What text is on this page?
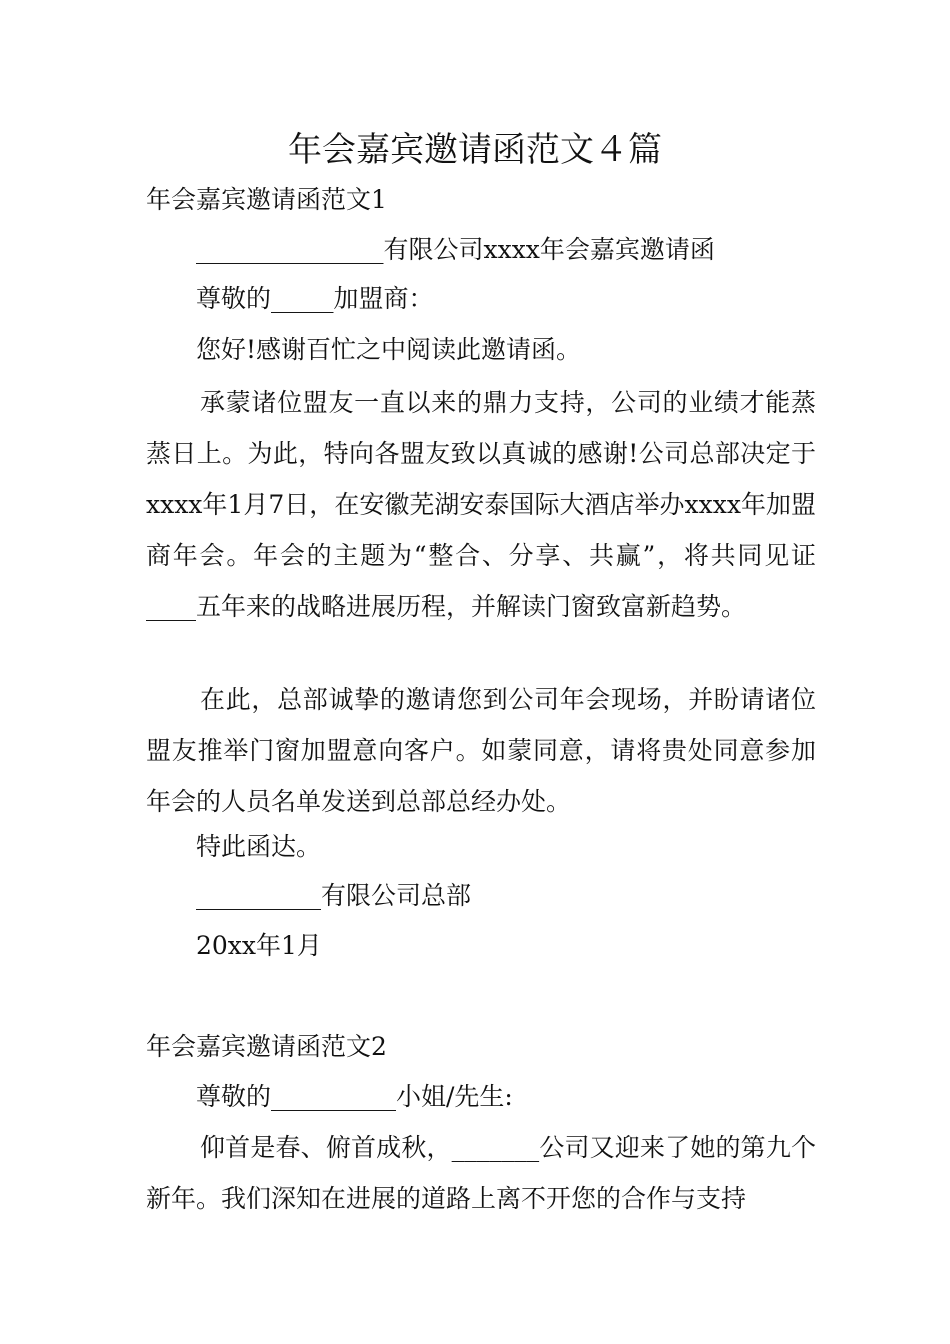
年会嘉宾邀请函范文４篇
年会嘉宾邀请函范文1
_______________有限公司xxxx年会嘉宾邀请函
尊敬的_____加盟商：
您好!感谢百忙之中阅读此邀请函。
承蒙诸位盟友一直以来的鼎力支持，公司的业绩才能蒸蒸日上。为此，特向各盟友致以真诚的感谢!公司总部决定于xxxx年1月7日，在安徽芜湖安泰国际大酒店举办xxxx年加盟商年会。年会的主题为“整合、分享、共赢”，将共同见证____五年来的战略进展历程，并解读门窗致富新趋势。
在此，总部诚挚的邀请您到公司年会现场，并盼请诸位盟友推举门窗加盟意向客户。如蒙同意，请将贵处同意参加年会的人员名单发送到总部总经办处。
特此函达。
__________有限公司总部
20xx年1月
年会嘉宾邀请函范文2
尊敬的__________小姐/先生:
仰首是春、俯首成秋，_______公司又迎来了她的第九个新年。我们深知在进展的道路上离不开您的合作与支持
